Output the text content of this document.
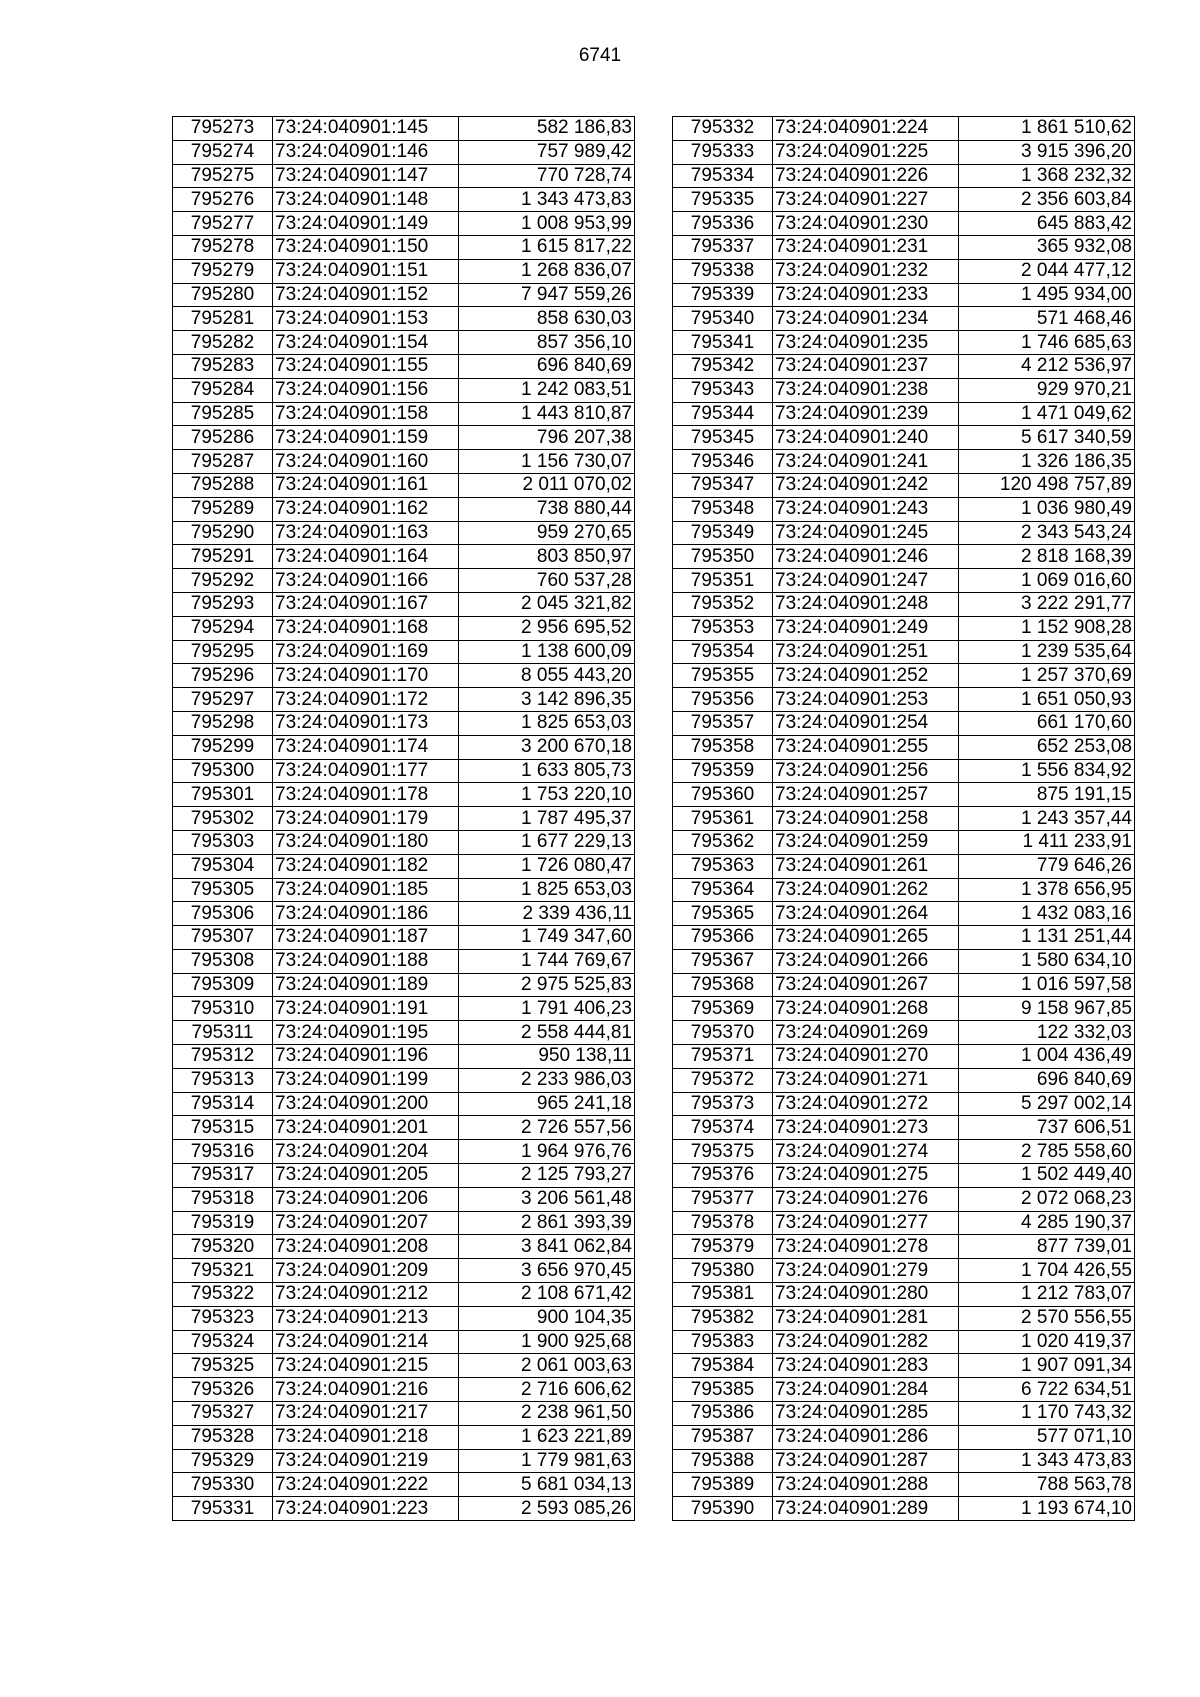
6741
795273	73:24:040901:145	582 186,83
795274	73:24:040901:146	757 989,42
795275	73:24:040901:147	770 728,74
795276	73:24:040901:148	1 343 473,83
795277	73:24:040901:149	1 008 953,99
795278	73:24:040901:150	1 615 817,22
795279	73:24:040901:151	1 268 836,07
795280	73:24:040901:152	7 947 559,26
795281	73:24:040901:153	858 630,03
795282	73:24:040901:154	857 356,10
795283	73:24:040901:155	696 840,69
795284	73:24:040901:156	1 242 083,51
795285	73:24:040901:158	1 443 810,87
795286	73:24:040901:159	796 207,38
795287	73:24:040901:160	1 156 730,07
795288	73:24:040901:161	2 011 070,02
795289	73:24:040901:162	738 880,44
795290	73:24:040901:163	959 270,65
795291	73:24:040901:164	803 850,97
795292	73:24:040901:166	760 537,28
795293	73:24:040901:167	2 045 321,82
795294	73:24:040901:168	2 956 695,52
795295	73:24:040901:169	1 138 600,09
795296	73:24:040901:170	8 055 443,20
795297	73:24:040901:172	3 142 896,35
795298	73:24:040901:173	1 825 653,03
795299	73:24:040901:174	3 200 670,18
795300	73:24:040901:177	1 633 805,73
795301	73:24:040901:178	1 753 220,10
795302	73:24:040901:179	1 787 495,37
795303	73:24:040901:180	1 677 229,13
795304	73:24:040901:182	1 726 080,47
795305	73:24:040901:185	1 825 653,03
795306	73:24:040901:186	2 339 436,11
795307	73:24:040901:187	1 749 347,60
795308	73:24:040901:188	1 744 769,67
795309	73:24:040901:189	2 975 525,83
795310	73:24:040901:191	1 791 406,23
795311	73:24:040901:195	2 558 444,81
795312	73:24:040901:196	950 138,11
795313	73:24:040901:199	2 233 986,03
795314	73:24:040901:200	965 241,18
795315	73:24:040901:201	2 726 557,56
795316	73:24:040901:204	1 964 976,76
795317	73:24:040901:205	2 125 793,27
795318	73:24:040901:206	3 206 561,48
795319	73:24:040901:207	2 861 393,39
795320	73:24:040901:208	3 841 062,84
795321	73:24:040901:209	3 656 970,45
795322	73:24:040901:212	2 108 671,42
795323	73:24:040901:213	900 104,35
795324	73:24:040901:214	1 900 925,68
795325	73:24:040901:215	2 061 003,63
795326	73:24:040901:216	2 716 606,62
795327	73:24:040901:217	2 238 961,50
795328	73:24:040901:218	1 623 221,89
795329	73:24:040901:219	1 779 981,63
795330	73:24:040901:222	5 681 034,13
795331	73:24:040901:223	2 593 085,26
795332	73:24:040901:224	1 861 510,62
795333	73:24:040901:225	3 915 396,20
795334	73:24:040901:226	1 368 232,32
795335	73:24:040901:227	2 356 603,84
795336	73:24:040901:230	645 883,42
795337	73:24:040901:231	365 932,08
795338	73:24:040901:232	2 044 477,12
795339	73:24:040901:233	1 495 934,00
795340	73:24:040901:234	571 468,46
795341	73:24:040901:235	1 746 685,63
795342	73:24:040901:237	4 212 536,97
795343	73:24:040901:238	929 970,21
795344	73:24:040901:239	1 471 049,62
795345	73:24:040901:240	5 617 340,59
795346	73:24:040901:241	1 326 186,35
795347	73:24:040901:242	120 498 757,89
795348	73:24:040901:243	1 036 980,49
795349	73:24:040901:245	2 343 543,24
795350	73:24:040901:246	2 818 168,39
795351	73:24:040901:247	1 069 016,60
795352	73:24:040901:248	3 222 291,77
795353	73:24:040901:249	1 152 908,28
795354	73:24:040901:251	1 239 535,64
795355	73:24:040901:252	1 257 370,69
795356	73:24:040901:253	1 651 050,93
795357	73:24:040901:254	661 170,60
795358	73:24:040901:255	652 253,08
795359	73:24:040901:256	1 556 834,92
795360	73:24:040901:257	875 191,15
795361	73:24:040901:258	1 243 357,44
795362	73:24:040901:259	1 411 233,91
795363	73:24:040901:261	779 646,26
795364	73:24:040901:262	1 378 656,95
795365	73:24:040901:264	1 432 083,16
795366	73:24:040901:265	1 131 251,44
795367	73:24:040901:266	1 580 634,10
795368	73:24:040901:267	1 016 597,58
795369	73:24:040901:268	9 158 967,85
795370	73:24:040901:269	122 332,03
795371	73:24:040901:270	1 004 436,49
795372	73:24:040901:271	696 840,69
795373	73:24:040901:272	5 297 002,14
795374	73:24:040901:273	737 606,51
795375	73:24:040901:274	2 785 558,60
795376	73:24:040901:275	1 502 449,40
795377	73:24:040901:276	2 072 068,23
795378	73:24:040901:277	4 285 190,37
795379	73:24:040901:278	877 739,01
795380	73:24:040901:279	1 704 426,55
795381	73:24:040901:280	1 212 783,07
795382	73:24:040901:281	2 570 556,55
795383	73:24:040901:282	1 020 419,37
795384	73:24:040901:283	1 907 091,34
795385	73:24:040901:284	6 722 634,51
795386	73:24:040901:285	1 170 743,32
795387	73:24:040901:286	577 071,10
795388	73:24:040901:287	1 343 473,83
795389	73:24:040901:288	788 563,78
795390	73:24:040901:289	1 193 674,10
